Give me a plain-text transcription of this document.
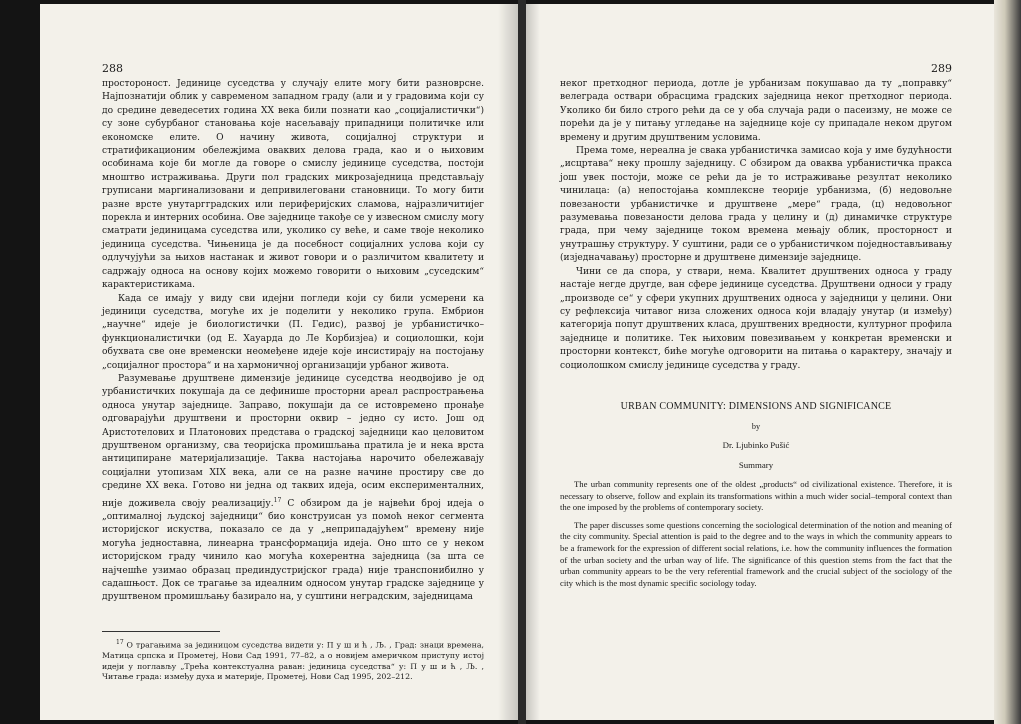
288

простороност. Јединице суседства у случају елите могу бити разноврсне. Најпознатији облик у савременом западном граду (али и у градовима који су до средине деведесетих година XX века били познати као „социјалистички“) су зоне субурбаног становања које насељавају припадници политичке или економске елите. О начину живота, социјалној структури и стратификационим обележјима оваквих делова града, као и о њиховим особинама које би могле да говоре о смислу јединице суседства, постоји мноштво истраживања. Други пол градских микрозаједница представљају груписани маргинализовани и депривилеговани становници. То могу бити разне врсте унутаргградских или периферијских сламова, најразличитијег порекла и интерних особина. Ове заједнице такође се у извесном смислу могу сматрати јединицама суседства или, уколико су веће, и саме твоје неколико јединица суседства. Чињеница је да посебност социјалних услова који су одлучујући за њихов настанак и живот говори и о различитом квалитету и садржају односа на основу којих можемо говорити о њиховим „суседским“ карактеристикама.

Када се имају у виду сви идејни погледи који су били усмерени ка јединици суседства, могуће их је поделити у неколико група. Ембрион „научне“ идеје је биологистички (П. Гедис), развој је урбанистичко–функционалистички (од Е. Хауарда до Ле Корбизјеа) и социолошки, који обухвата све оне временски неомеђене идеје које инсистирају на постојању „социјалног простора“ и на хармоничној организацији урбаног живота.

Разумевање друштвене димензије јединице суседства неодвојиво је од урбанистичких покушаја да се дефинише просторни ареал распрострањења односа унутар заједнице. Заправо, покушаји да се истовремено пронађе одговарајући друштвени и просторни оквир – једно су исто. Још од Аристотелових и Платонових представа о градској заједници као целовитом друштвеном организму, сва теоријска промишљања пратила је и нека врста антиципиране материјализације. Таква настојања нарочито обележавају социјални утопизам XIX века, али се на разне начине простиру све до средине XX века. Готово ни једна од таквих идеја, осим експерименталних, није доживела своју реализацију.$^{17}$ С обзиром да је највећи број идеја о „оптималној људској заједници“ био конструисан уз помоћ неког сегмента историјског искуства, показало се да у „неприпадајућем“ времену није могућа једноставна, линеарна трансформација идеја. Оно што се у неком историјском граду чинило као могућа кохерентна заједница (за шта се најчешће узимао образац прединдустријског града) није транспонибилно у садашњост. Док се трагање за идеалним односом унутар градске заједнице у друштвеном промишљању базирало на, у суштини неградским, заједницама

$^{17}$ О трагањима за јединицом суседства видети у: П у ш и ћ , Љ. , Град: знаци времена, Матица српска и Прометеј, Нови Сад 1991, 77–82, а о новијем америчком приступу истој идеји у поглављу „Трећа контекстуална раван: јединица суседства“ у: П у ш и ћ , Љ. , Читање града: између духа и материје, Прометеј, Нови Сад 1995, 202–212.
289

неког претходног периода, дотле је урбанизам покушавао да ту „поправку“ велеграда оствари обрасцима градских заједница неког претходног периода. Уколико би било строго рећи да се у оба случаја ради о пасеизму, не може се порећи да је у питању угледање на заједнице које су припадале неком другом времену и другим друштвеним условима.

Према томе, нереална је свака урбанистичка замисао која у име будућности „исцртава“ неку прошлу заједницу. С обзиром да оваква урбанистичка пракса још увек постоји, може се рећи да је то истраживање резултат неколико чинилаца: (а) непостојања комплексне теорије урбанизма, (б) недовољне повезаности урбанистичке и друштвене „мере“ града, (ц) недовољног разумевања повезаности делова града у целину и (д) динамичке структуре града, при чему заједнице током времена мењају облик, просторност и унутрашњу структуру. У суштини, ради се о урбанистичком поједностављивању (изједначавању) просторне и друштвене димензије заједнице.

Чини се да спора, у ствари, нема. Квалитет друштвених односа у граду настаје негде другде, ван сфере јединице суседства. Друштвени односи у граду „производе се“ у сфери укупних друштвених односа у заједници у целини. Они су рефлексија читавог низа сложених односа који владају унутар (и између) категорија попут друштвених класа, друштвених вредности, културног профила заједнице и политике. Тек њиховим повезивањем у конкретан временски и просторни контекст, биће могуће одговорити на питања о карактеру, значају и социолошком смислу јединице суседства у граду.

URBAN COMMUNITY: DIMENSIONS AND SIGNIFICANCE
by
Dr. Ljubinko Pušić
Summary

The urban community represents one of the oldest „products“ od civilizational existence. Therefore, it is necessary to observe, follow and explain its transformations within a much wider social–temporal context than the one imposed by the problems of contemporary society.

The paper discusses some questions concerning the sociological determination of the notion and meaning of the city community. Special attention is paid to the degree and to the ways in which the community appears to be a framework for the expression of different social relations, i.e. how the community influences the formation of the urban society and the urban way of life. The significance of this question stems from the fact that the urban community appears to be the very referential framework and the crucial subject of the sociology of the city which is the most dynamic specific sociology today.
